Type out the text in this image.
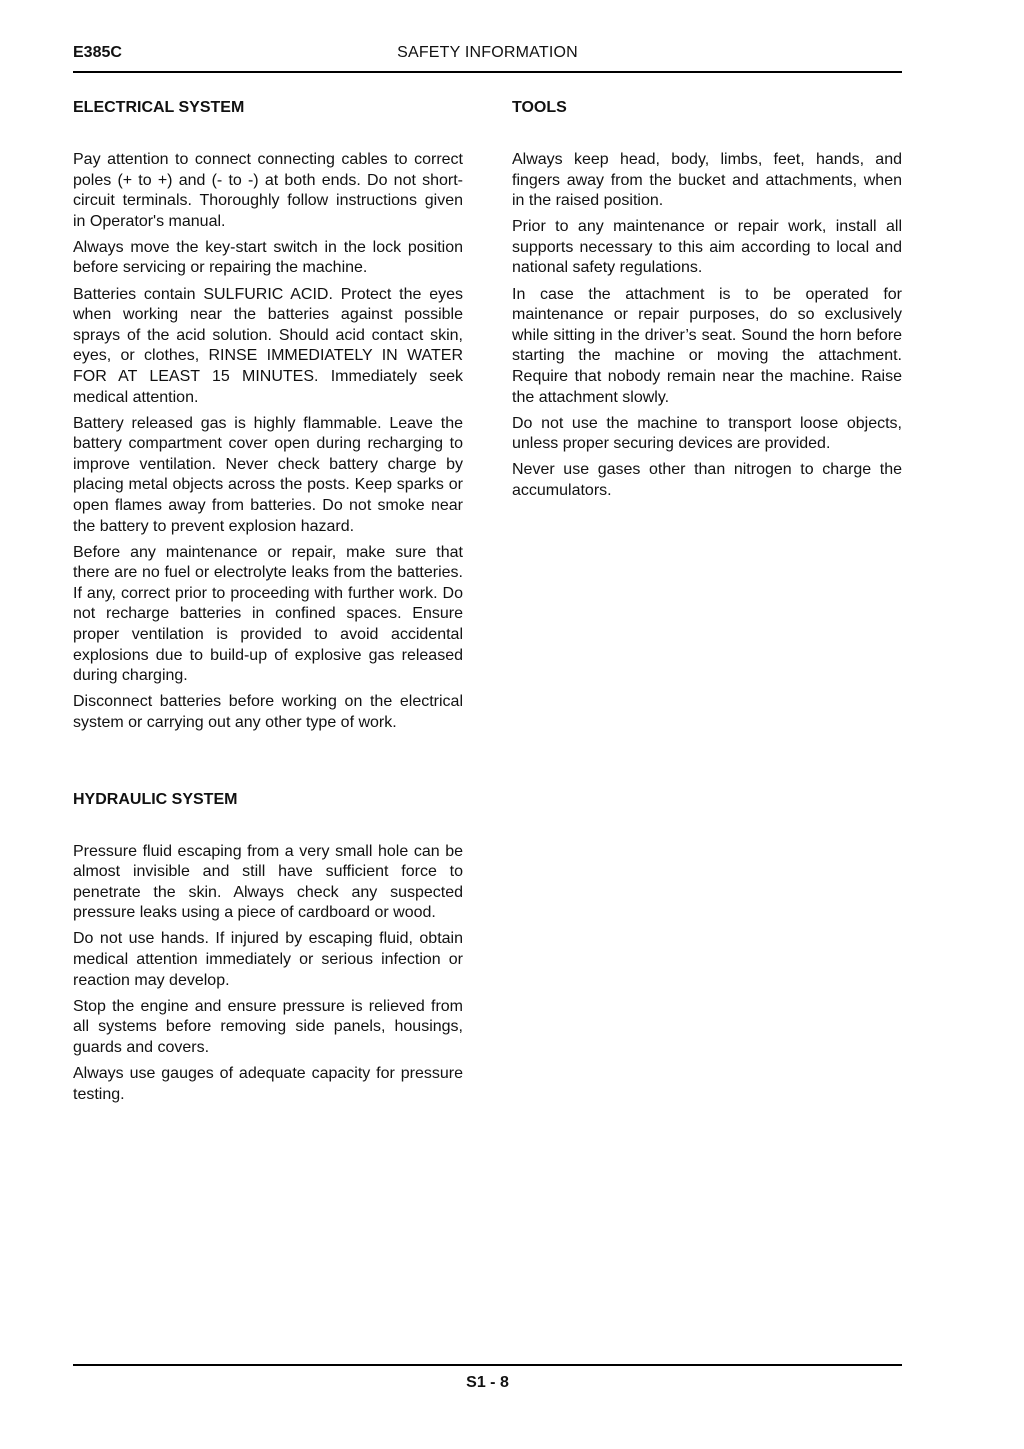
E385C	SAFETY INFORMATION
ELECTRICAL SYSTEM

Pay attention to connect connecting cables to correct poles (+ to +) and (- to -) at both ends. Do not short-circuit terminals. Thoroughly follow instructions given in Operator's manual.

Always move the key-start switch in the lock position before servicing or repairing the machine.

Batteries contain SULFURIC ACID. Protect the eyes when working near the batteries against possible sprays of the acid solution. Should acid contact skin, eyes, or clothes, RINSE IMMEDIATELY IN WATER FOR AT LEAST 15 MINUTES. Immediately seek medical attention.

Battery released gas is highly flammable. Leave the battery compartment cover open during recharging to improve ventilation. Never check battery charge by placing metal objects across the posts. Keep sparks or open flames away from batteries. Do not smoke near the battery to prevent explosion hazard.

Before any maintenance or repair, make sure that there are no fuel or electrolyte leaks from the batteries. If any, correct prior to proceeding with further work. Do not recharge batteries in confined spaces. Ensure proper ventilation is provided to avoid accidental explosions due to build-up of explosive gas released during charging.

Disconnect batteries before working on the electrical system or carrying out any other type of work.

HYDRAULIC SYSTEM

Pressure fluid escaping from a very small hole can be almost invisible and still have sufficient force to penetrate the skin. Always check any suspected pressure leaks using a piece of cardboard or wood.

Do not use hands. If injured by escaping fluid, obtain medical attention immediately or serious infection or reaction may develop.

Stop the engine and ensure pressure is relieved from all systems before removing side panels, housings, guards and covers.

Always use gauges of adequate capacity for pressure testing.

TOOLS

Always keep head, body, limbs, feet, hands, and fingers away from the bucket and attachments, when in the raised position.

Prior to any maintenance or repair work, install all supports necessary to this aim according to local and national safety regulations.

In case the attachment is to be operated for maintenance or repair purposes, do so exclusively while sitting in the driver’s seat. Sound the horn before starting the machine or moving the attachment. Require that nobody remain near the machine. Raise the attachment slowly.

Do not use the machine to transport loose objects, unless proper securing devices are provided.

Never use gases other than nitrogen to charge the accumulators.

S1 - 8
